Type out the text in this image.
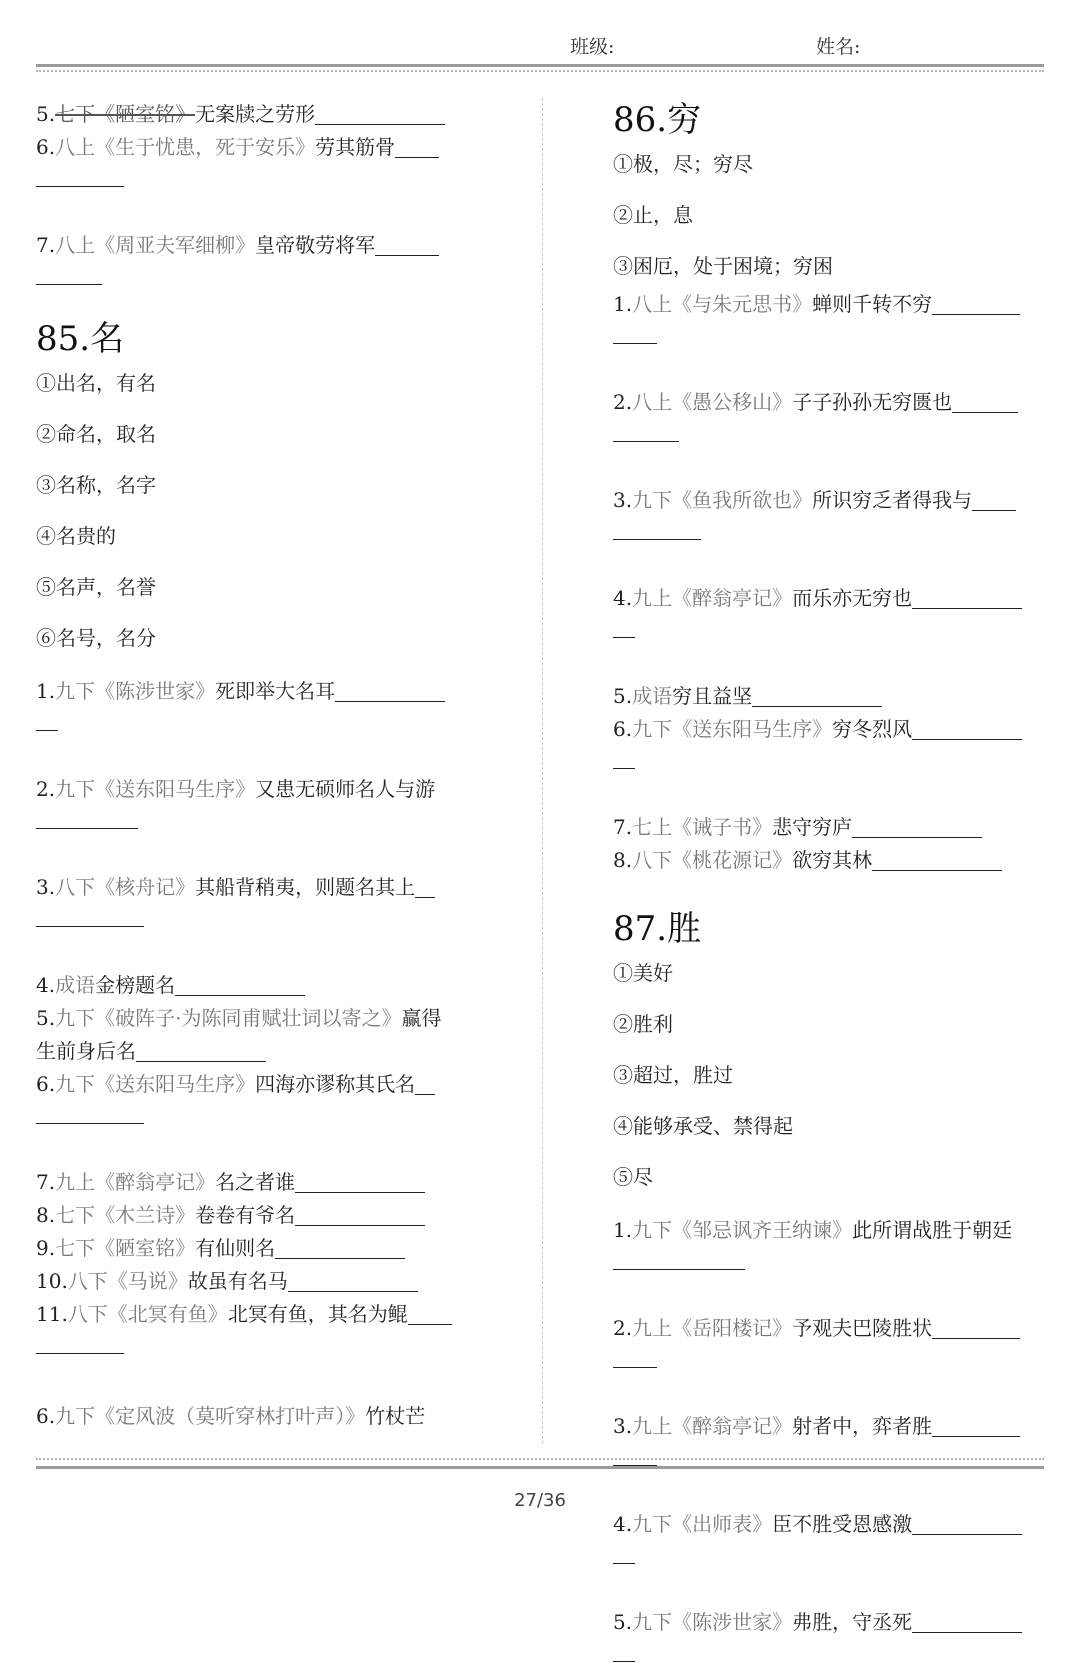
班级:	姓名:
5.七下《陋室铭》无案牍之劳形
6.八上《生于忧患，死于安乐》劳其筋骨
7.八上《周亚夫军细柳》皇帝敬劳将军
85.名
①出名，有名
②命名，取名
③名称，名字
④名贵的
⑤名声，名誉
⑥名号，名分
1.九下《陈涉世家》死即举大名耳
2.九下《送东阳马生序》又患无硕师名人与游
3.八下《核舟记》其船背稍夷，则题名其上
4.成语金榜题名
5.九下《破阵子·为陈同甫赋壮词以寄之》赢得
生前身后名
6.九下《送东阳马生序》四海亦谬称其氏名
7.九上《醉翁亭记》名之者谁
8.七下《木兰诗》卷卷有爷名
9.七下《陋室铭》有仙则名
10.八下《马说》故虽有名马
11.八下《北冥有鱼》北冥有鱼，其名为鲲
6.九下《定风波（莫听穿林打叶声）》竹杖芒
86.穷
①极，尽；穷尽
②止，息
③困厄，处于困境；穷困
1.八上《与朱元思书》蝉则千转不穷
2.八上《愚公移山》子子孙孙无穷匮也
3.九下《鱼我所欲也》所识穷乏者得我与
4.九上《醉翁亭记》而乐亦无穷也
5.成语穷且益坚
6.九下《送东阳马生序》穷冬烈风
7.七上《诫子书》悲守穷庐
8.八下《桃花源记》欲穷其林
87.胜
①美好
②胜利
③超过，胜过
④能够承受、禁得起
⑤尽
1.九下《邹忌讽齐王纳谏》此所谓战胜于朝廷
2.九上《岳阳楼记》予观夫巴陵胜状
3.九上《醉翁亭记》射者中，弈者胜
4.九下《出师表》臣不胜受恩感激
5.九下《陈涉世家》弗胜，守丞死
27/36
